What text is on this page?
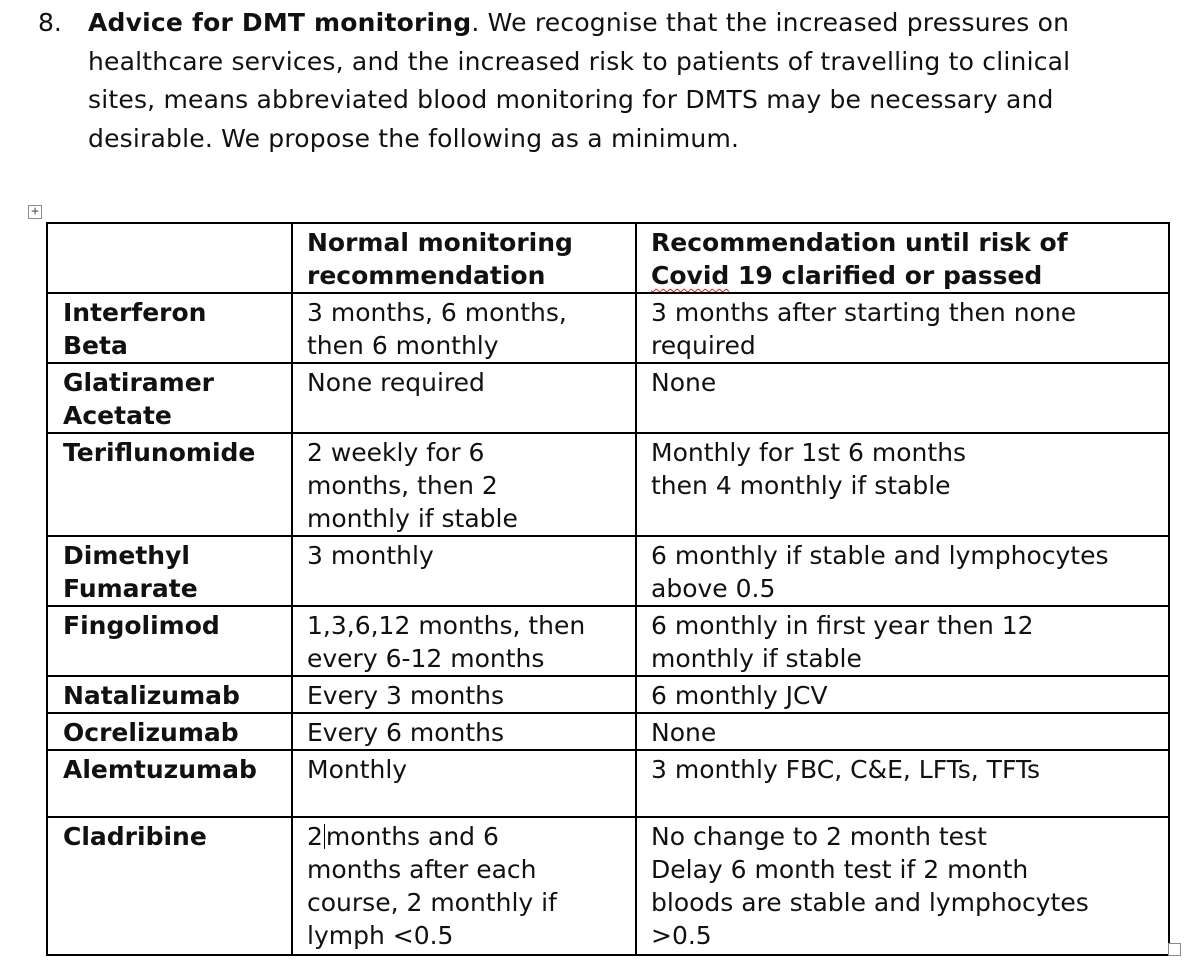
8. Advice for DMT monitoring. We recognise that the increased pressures on
healthcare services, and the increased risk to patients of travelling to clinical
sites, means abbreviated blood monitoring for DMTS may be necessary and
desirable. We propose the following as a minimum.
+

	Normal monitoring
recommendation	Recommendation until risk of
Covid 19 clarified or passed

Interferon
Beta	3 months, 6 months,
then 6 monthly	3 months after starting then none
required

Glatiramer
Acetate	None required	None

Teriflunomide	2 weekly for 6
months, then 2
monthly if stable	Monthly for 1st 6 months
then 4 monthly if stable

Dimethyl
Fumarate	3 monthly	6 monthly if stable and lymphocytes
above 0.5

Fingolimod	1,3,6,12 months, then
every 6-12 months	6 monthly in first year then 12
monthly if stable

Natalizumab	Every 3 months	6 monthly JCV

Ocrelizumab	Every 6 months	None

Alemtuzumab	Monthly	3 monthly FBC, C&E, LFTs, TFTs

Cladribine	2 months and 6
months after each
course, 2 monthly if
lymph <0.5	No change to 2 month test
Delay 6 month test if 2 month
bloods are stable and lymphocytes
>0.5
